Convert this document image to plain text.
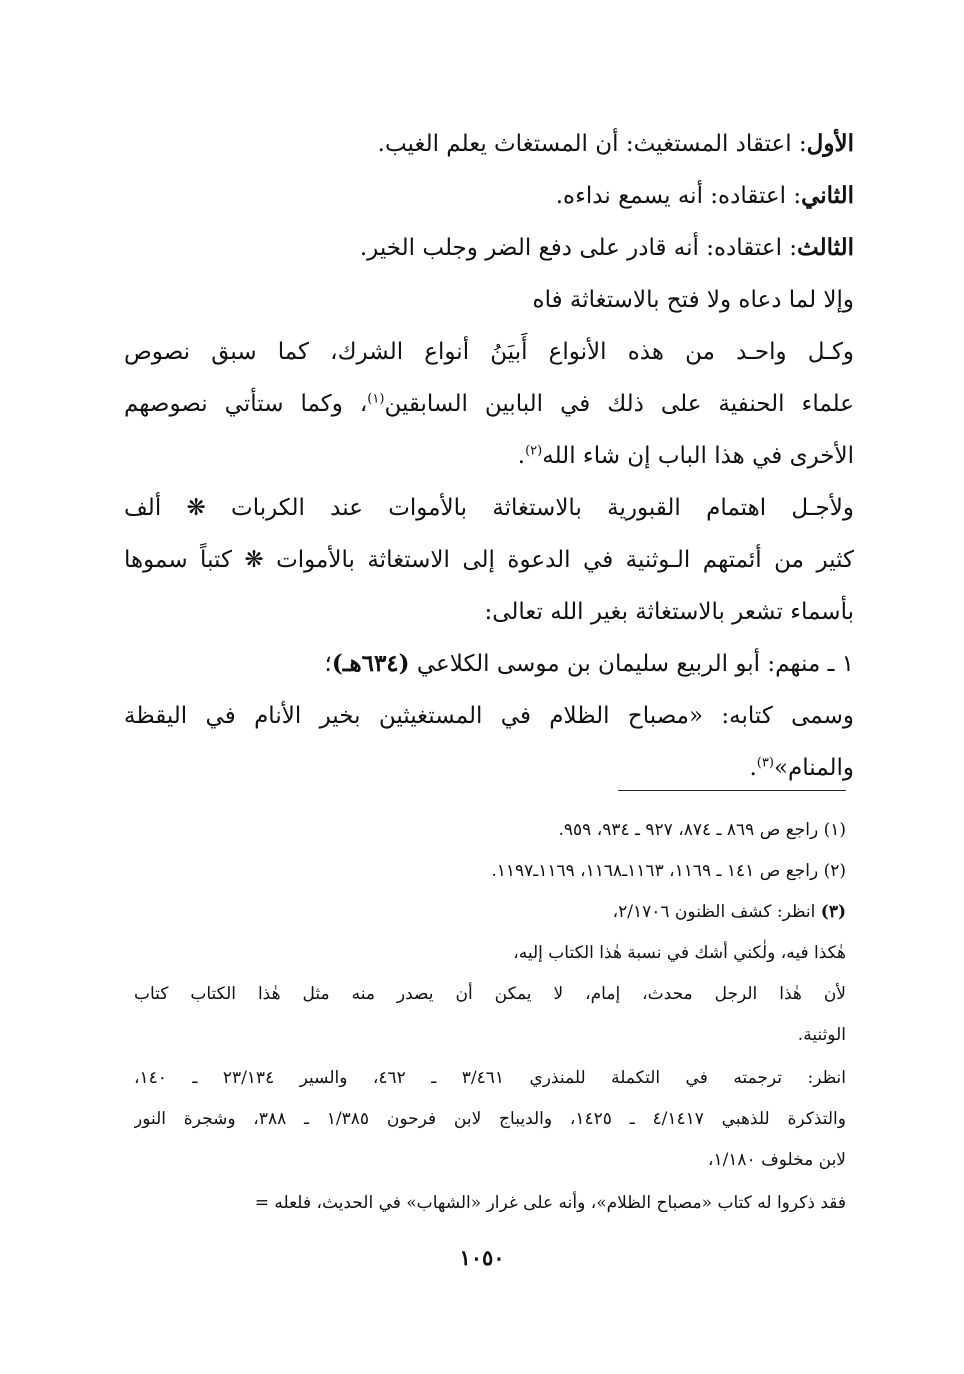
الأول: اعتقاد المستغيث: أن المستغاث يعلم الغيب.
الثاني: اعتقاده: أنه يسمع نداءه.
الثالث: اعتقاده: أنه قادر على دفع الضر وجلب الخير.
وإلا لما دعاه ولا فتح بالاستغاثة فاه
وكـل واحـد من هذه الأنواع أَبيَنُ أنواع الشرك، كما سبق نصوص
علماء الحنفية على ذلك في البابين السابقين$^{(١)}$، وكما ستأتي نصوصهم
الأخرى في هذا الباب إن شاء الله$^{(٢)}$.
ولأجـل اهتمام القبورية بالاستغاثة بالأموات عند الكربات ❋ ألف
كثير من أئمتهم الـوثنية في الدعوة إلى الاستغاثة بالأموات ❋ كتباً سموها
بأسماء تشعر بالاستغاثة بغير الله تعالى:
١ ـ منهم: أبو الربيع سليمان بن موسى الكلاعي (٦٣٤هـ)؛
وسمى كتابه: «مصباح الظلام في المستغيثين بخير الأنام في اليقظة
والمنام»$^{(٣)}$.
(١) راجع ص ٨٦٩ ـ ٨٧٤، ٩٢٧ ـ ٩٣٤، ٩٥٩.
(٢) راجع ص ١٤١ ـ ١١٦٩، ١١٦٣ـ١١٦٨، ١١٦٩ـ١١٩٧.
(٣) انظر: كشف الظنون ٢/١٧٠٦،
هٰكذا فيه، ولٰكني أشك في نسبة هٰذا الكتاب إليه،
لأن هٰذا الرجل محدث، إمام، لا يمكن أن يصدر منه مثل هٰذا الكتاب كتاب
الوثنية.
انظر: ترجمته في التكملة للمنذري ٣/٤٦١ ـ ٤٦٢، والسير ٢٣/١٣٤ ـ ١٤٠،
والتذكرة للذهبي ٤/١٤١٧ ـ ١٤٢٥، والديباج لابن فرحون ١/٣٨٥ ـ ٣٨٨، وشجرة النور
لابن مخلوف ١/١٨٠،
فقد ذكروا له كتاب «مصباح الظلام»، وأنه على غرار «الشهاب» في الحديث، فلعله =
١٠٥٠
